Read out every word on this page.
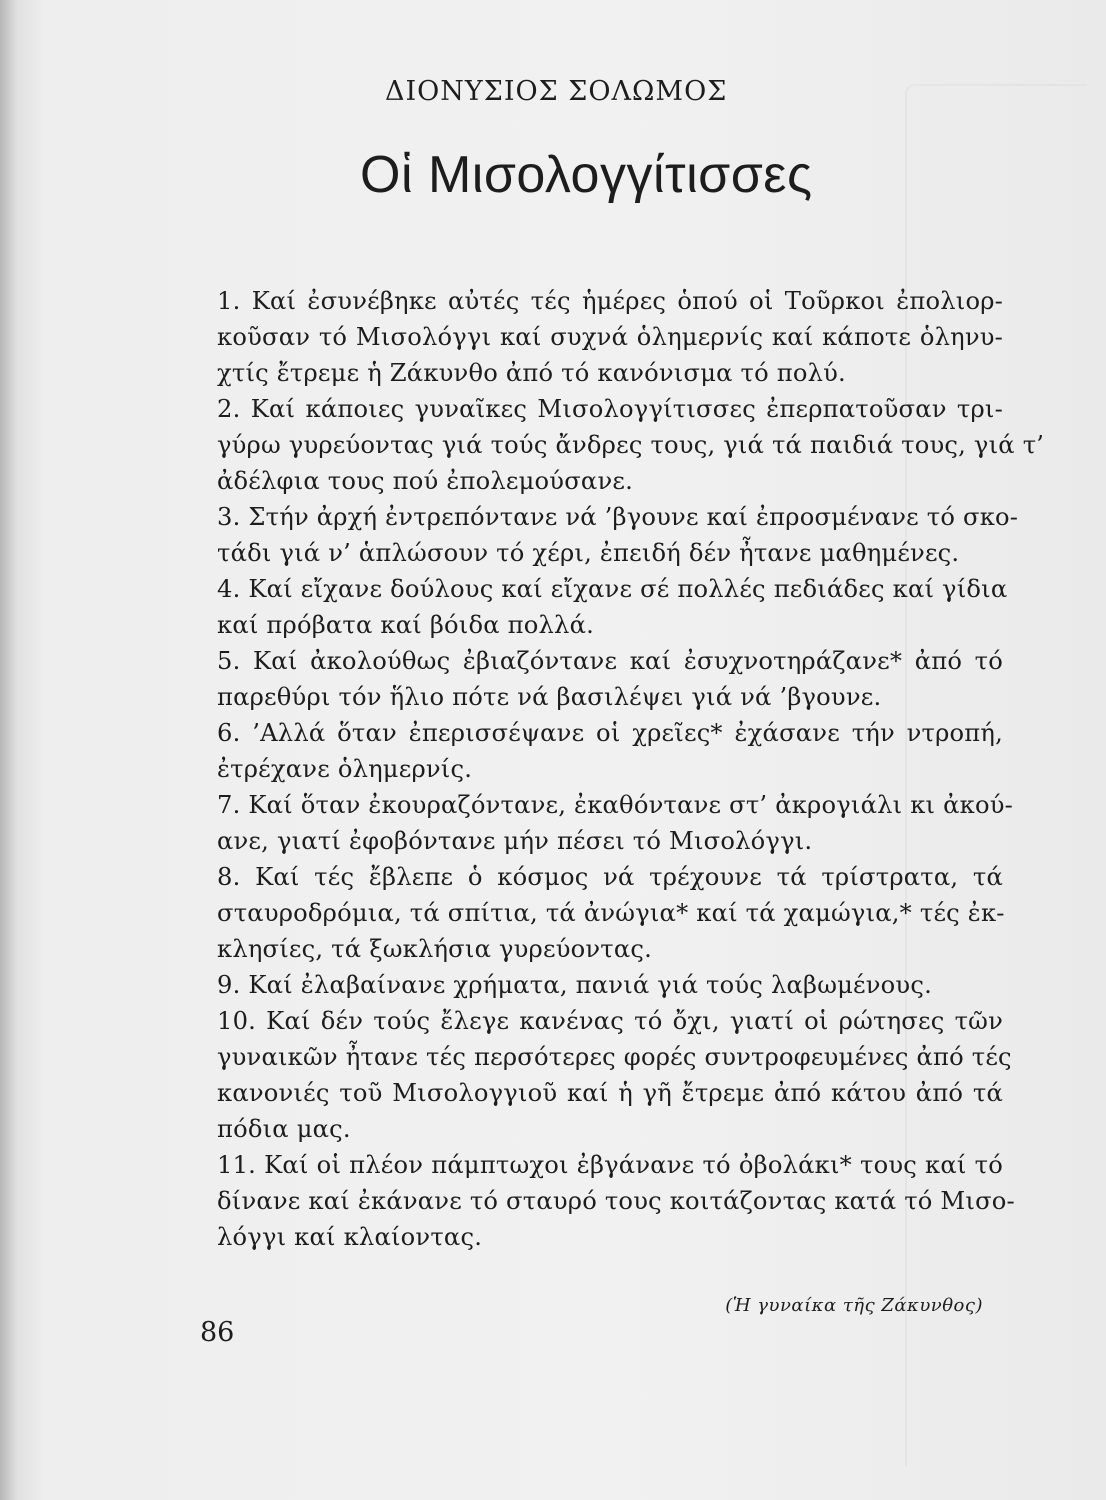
ΔΙΟΝΥΣΙΟΣ ΣΟΛΩΜΟΣ
Οἱ Μισολογγίτισσες
1. Καί ἐσυνέβηκε αὐτές τές ἡμέρες ὁπού οἱ Τοῦρκοι ἐπολιορ-
κοῦσαν τό Μισολόγγι καί συχνά ὁλημερνίς καί κάποτε ὁληνυ-
χτίς ἔτρεμε ἡ Ζάκυνθο ἀπό τό κανόνισμα τό πολύ.
2. Καί κάποιες γυναῖκες Μισολογγίτισσες ἐπερπατοῦσαν τρι-
γύρω γυρεύοντας γιά τούς ἄνδρες τους, γιά τά παιδιά τους, γιά τ’
ἀδέλφια τους πού ἐπολεμούσανε.
3. Στήν ἀρχή ἐντρεπόντανε νά ’βγουνε καί ἐπροσμένανε τό σκο-
τάδι γιά ν’ ἁπλώσουν τό χέρι, ἐπειδή δέν ἦτανε μαθημένες.
4. Καί εἴχανε δούλους καί εἴχανε σέ πολλές πεδιάδες καί γίδια
καί πρόβατα καί βόιδα πολλά.
5. Καί ἀκολούθως ἐβιαζόντανε καί ἐσυχνοτηράζανε* ἀπό τό
παρεθύρι τόν ἥλιο πότε νά βασιλέψει γιά νά ’βγουνε.
6. ’Αλλά ὅταν ἐπερισσέψανε οἱ χρεῖες* ἐχάσανε τήν ντροπή,
ἐτρέχανε ὁλημερνίς.
7. Καί ὅταν ἐκουραζόντανε, ἐκαθόντανε στ’ ἀκρογιάλι κι ἀκού-
ανε, γιατί ἐφοβόντανε μήν πέσει τό Μισολόγγι.
8. Καί τές ἔβλεπε ὁ κόσμος νά τρέχουνε τά τρίστρατα, τά
σταυροδρόμια, τά σπίτια, τά ἀνώγια* καί τά χαμώγια,* τές ἐκ-
κλησίες, τά ξωκλήσια γυρεύοντας.
9. Καί ἐλαβαίνανε χρήματα, πανιά γιά τούς λαβωμένους.
10. Καί δέν τούς ἔλεγε κανένας τό ὄχι, γιατί οἱ ρώτησες τῶν
γυναικῶν ἦτανε τές περσότερες φορές συντροφευμένες ἀπό τές
κανονιές τοῦ Μισολογγιοῦ καί ἡ γῆ ἔτρεμε ἀπό κάτου ἀπό τά
πόδια μας.
11. Καί οἱ πλέον πάμπτωχοι ἐβγάνανε τό ὀβολάκι* τους καί τό
δίνανε καί ἐκάνανε τό σταυρό τους κοιτάζοντας κατά τό Μισο-
λόγγι καί κλαίοντας.
(Ἡ γυναίκα τῆς Ζάκυνθος)
86
